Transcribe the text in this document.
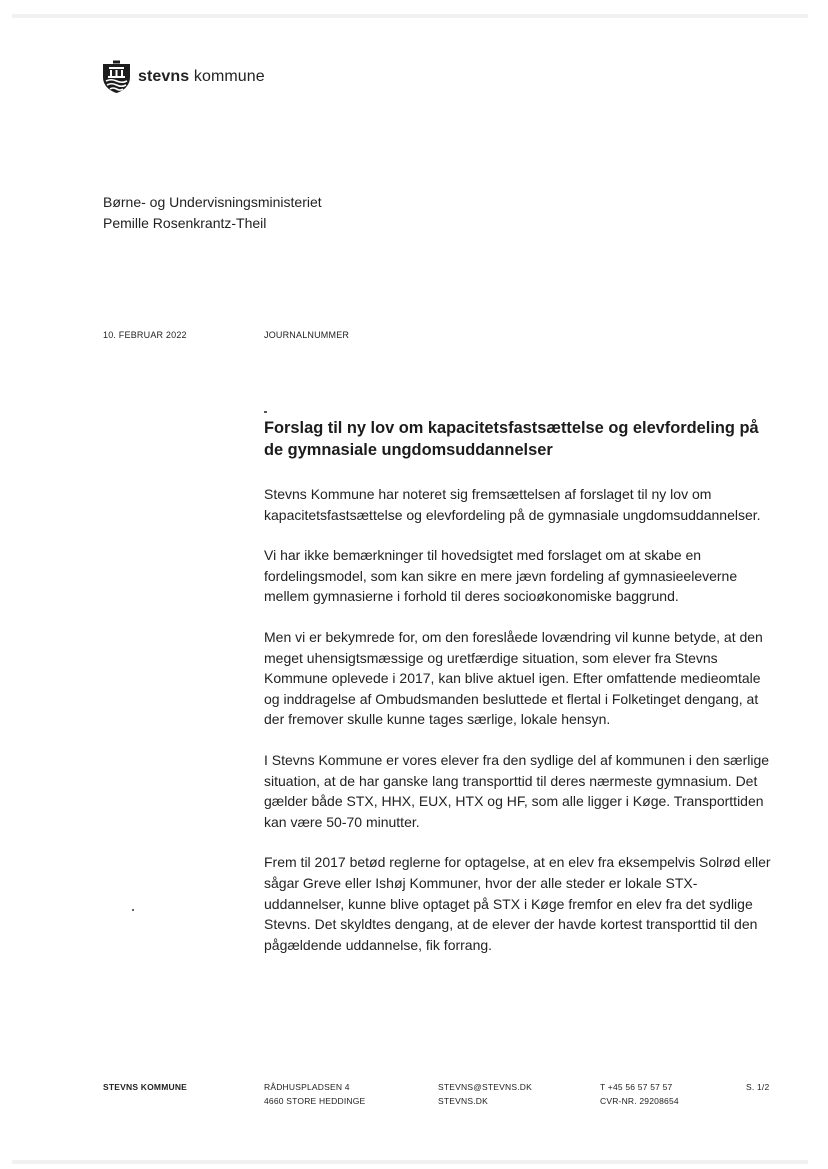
stevns kommune
Børne- og Undervisningsministeriet
Pemille Rosenkrantz-Theil
10. FEBRUAR 2022	JOURNALNUMMER
Forslag til ny lov om kapacitetsfastsættelse og elevfordeling på de gymnasiale ungdomsuddannelser

Stevns Kommune har noteret sig fremsættelsen af forslaget til ny lov om kapacitetsfastsættelse og elevfordeling på de gymnasiale ungdomsuddannelser.

Vi har ikke bemærkninger til hovedsigtet med forslaget om at skabe en fordelingsmodel, som kan sikre en mere jævn fordeling af gymnasieeleverne mellem gymnasierne i forhold til deres socioøkonomiske baggrund.

Men vi er bekymrede for, om den foreslåede lovændring vil kunne betyde, at den meget uhensigtsmæssige og uretfærdige situation, som elever fra Stevns Kommune oplevede i 2017, kan blive aktuel igen. Efter omfattende medieomtale og inddragelse af Ombudsmanden besluttede et flertal i Folketinget dengang, at der fremover skulle kunne tages særlige, lokale hensyn.

I Stevns Kommune er vores elever fra den sydlige del af kommunen i den særlige situation, at de har ganske lang transporttid til deres nærmeste gymnasium. Det gælder både STX, HHX, EUX, HTX og HF, som alle ligger i Køge. Transporttiden kan være 50-70 minutter.

Frem til 2017 betød reglerne for optagelse, at en elev fra eksempelvis Solrød eller sågar Greve eller Ishøj Kommuner, hvor der alle steder er lokale STX-uddannelser, kunne blive optaget på STX i Køge fremfor en elev fra det sydlige Stevns. Det skyldtes dengang, at de elever der havde kortest transporttid til den pågældende uddannelse, fik forrang.

STEVNS KOMMUNE	RÅDHUSPLADSEN 4
4660 STORE HEDDINGE
STEVNS@STEVNS.DK
STEVNS.DK
T +45 56 57 57 57
CVR-NR. 29208654
S. 1/2
